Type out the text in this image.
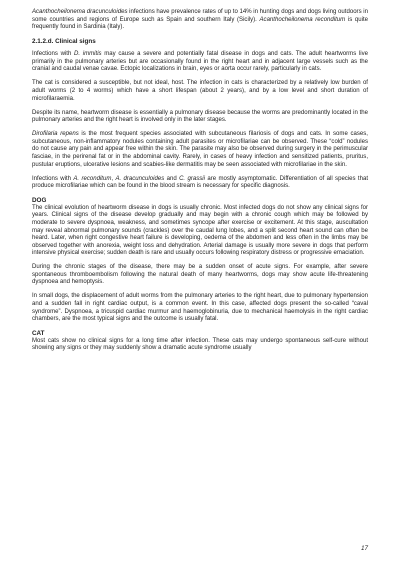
Acanthocheilonema dracunculoides infections have prevalence rates of up to 14% in hunting dogs and dogs living outdoors in some countries and regions of Europe such as Spain and southern Italy (Sicily). Acanthocheilonema reconditum is quite frequently found in Sardinia (Italy).

2.1.2.d. Clinical signs

Infections with D. immitis may cause a severe and potentially fatal disease in dogs and cats. The adult heartworms live primarily in the pulmonary arteries but are occasionally found in the right heart and in adjacent large vessels such as the cranial and caudal venae cavae. Ectopic localizations in brain, eyes or aorta occur rarely, particularly in cats.

The cat is considered a susceptible, but not ideal, host. The infection in cats is characterized by a relatively low burden of adult worms (2 to 4 worms) which have a short lifespan (about 2 years), and by a low level and short duration of microfilaraemia.

Despite its name, heartworm disease is essentially a pulmonary disease because the worms are predominantly located in the pulmonary arteries and the right heart is involved only in the later stages.

Dirofilaria repens is the most frequent species associated with subcutaneous filariosis of dogs and cats. In some cases, subcutaneous, non-inflammatory nodules containing adult parasites or microfilariae can be observed. These “cold” nodules do not cause any pain and appear free within the skin. The parasite may also be observed during surgery in the perimuscular fasciae, in the perirenal fat or in the abdominal cavity. Rarely, in cases of heavy infection and sensitized patients, pruritus, pustular eruptions, ulcerative lesions and scabies-like dermatitis may be seen associated with microfilariae in the skin.

Infections with A. reconditum, A. dracunculoides and C. grassii are mostly asymptomatic. Differentiation of all species that produce microfilariae which can be found in the blood stream is necessary for specific diagnosis.

DOG

The clinical evolution of heartworm disease in dogs is usually chronic. Most infected dogs do not show any clinical signs for years. Clinical signs of the disease develop gradually and may begin with a chronic cough which may be followed by moderate to severe dyspnoea, weakness, and sometimes syncope after exercise or excitement. At this stage, auscultation may reveal abnormal pulmonary sounds (crackles) over the caudal lung lobes, and a split second heart sound can often be heard. Later, when right congestive heart failure is developing, oedema of the abdomen and less often in the limbs may be observed together with anorexia, weight loss and dehydration. Arterial damage is usually more severe in dogs that perform intensive physical exercise; sudden death is rare and usually occurs following respiratory distress or progressive emaciation.

During the chronic stages of the disease, there may be a sudden onset of acute signs. For example, after severe spontaneous thromboembolism following the natural death of many heartworms, dogs may show acute life-threatening dyspnoea and hemoptysis.

In small dogs, the displacement of adult worms from the pulmonary arteries to the right heart, due to pulmonary hypertension and a sudden fall in right cardiac output, is a common event. In this case, affected dogs present the so-called “caval syndrome”. Dyspnoea, a tricuspid cardiac murmur and haemoglobinuria, due to mechanical haemolysis in the right cardiac chambers, are the most typical signs and the outcome is usually fatal.

CAT

Most cats show no clinical signs for a long time after infection. These cats may undergo spontaneous self-cure without showing any signs or they may suddenly show a dramatic acute syndrome usually

17
